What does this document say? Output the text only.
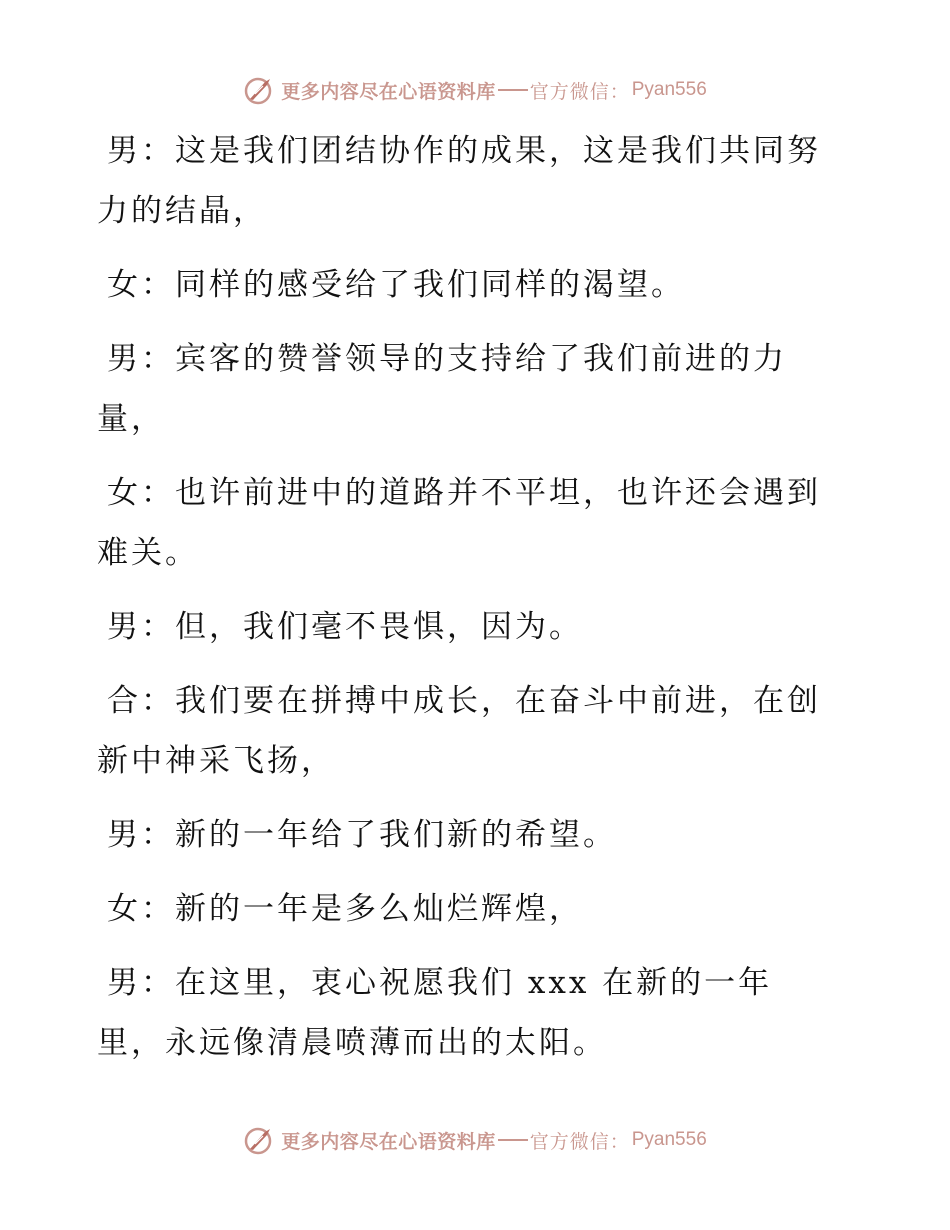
更多内容尽在心语资料库 官方微信： Pyan556

男：这是我们团结协作的成果，这是我们共同努力的结晶，

女：同样的感受给了我们同样的渴望。

男：宾客的赞誉领导的支持给了我们前进的力量，

女：也许前进中的道路并不平坦，也许还会遇到难关。

男：但，我们毫不畏惧，因为。

合：我们要在拼搏中成长，在奋斗中前进，在创新中神采飞扬，

男：新的一年给了我们新的希望。

女：新的一年是多么灿烂辉煌，

男：在这里，衷心祝愿我们 xxx 在新的一年里，永远像清晨喷薄而出的太阳。

更多内容尽在心语资料库 官方微信： Pyan556
